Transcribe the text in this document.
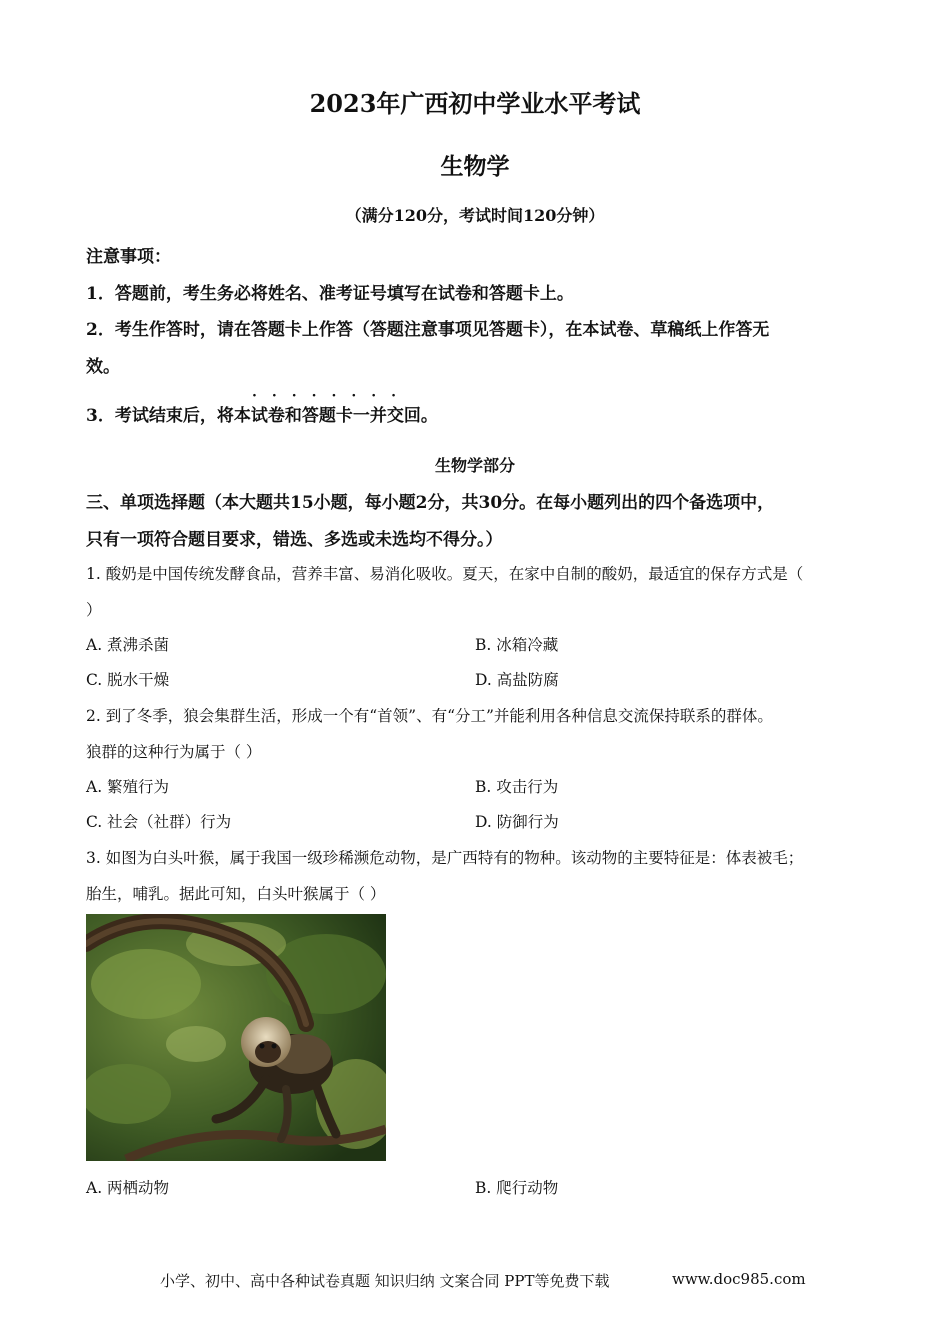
2023年广西初中学业水平考试
生物学
（满分120分，考试时间120分钟）
注意事项：
1．答题前，考生务必将姓名、准考证号填写在试卷和答题卡上。
2．考生作答时，请在答题卡上作答（答题注意事项见答题卡），在本试卷、草稿纸上作答无
效。
········
3．考试结束后，将本试卷和答题卡一并交回。
生物学部分
三、单项选择题（本大题共15小题，每小题2分，共30分。在每小题列出的四个备选项中，
只有一项符合题目要求，错选、多选或未选均不得分。）
1. 酸奶是中国传统发酵食品，营养丰富、易消化吸收。夏天，在家中自制的酸奶，最适宜的保存方式是（
）
A. 煮沸杀菌	B. 冰箱冷藏
C. 脱水干燥	D. 高盐防腐
2. 到了冬季，狼会集群生活，形成一个有“首领”、有“分工”并能利用各种信息交流保持联系的群体。
狼群的这种行为属于（ ）
A. 繁殖行为	B. 攻击行为
C. 社会（社群）行为	D. 防御行为
3. 如图为白头叶猴，属于我国一级珍稀濒危动物，是广西特有的物种。该动物的主要特征是：体表被毛；
胎生，哺乳。据此可知，白头叶猴属于（ ）
A. 两栖动物	B. 爬行动物
小学、初中、高中各种试卷真题 知识归纳 文案合同 PPT等免费下载	www.doc985.com
